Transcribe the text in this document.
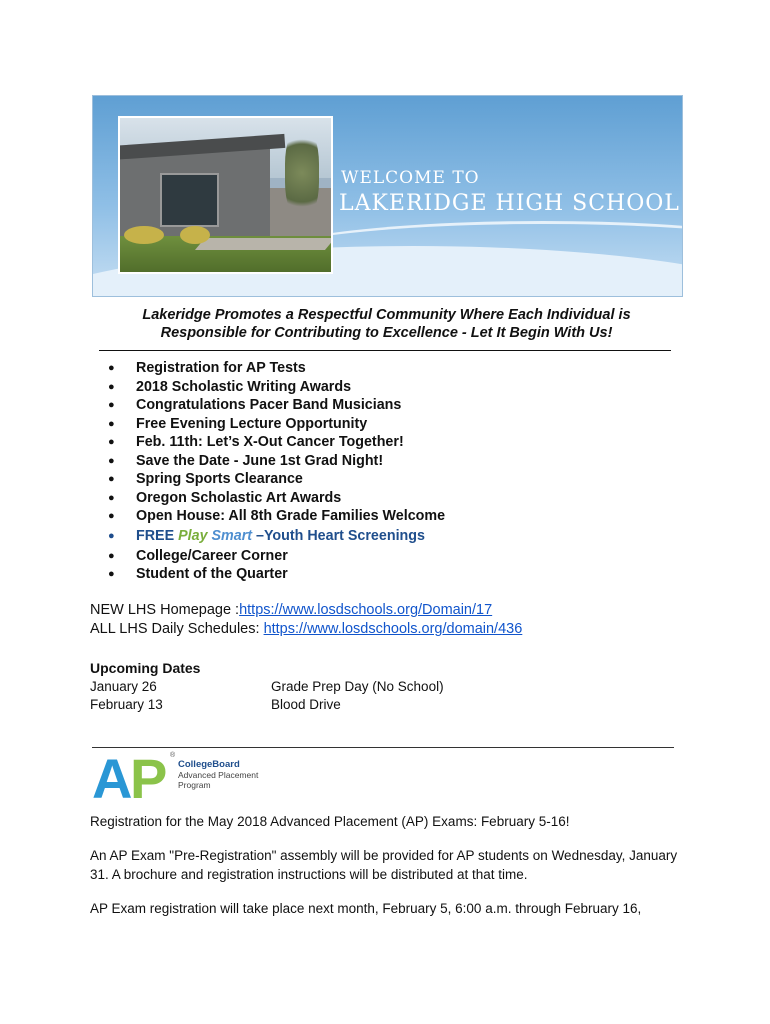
WELCOME TO
LAKERIDGE HIGH SCHOOL
Lakeridge Promotes a Respectful Community Where Each Individual is
Responsible for Contributing to Excellence - Let It Begin With Us!
● Registration for AP Tests
● 2018 Scholastic Writing Awards
● Congratulations Pacer Band Musicians
● Free Evening Lecture Opportunity
● Feb. 11th: Let’s X-Out Cancer Together!
● Save the Date - June 1st Grad Night!
● Spring Sports Clearance
● Oregon Scholastic Art Awards
● Open House: All 8th Grade Families Welcome
● FREE Play Smart –Youth Heart Screenings
● College/Career Corner
● Student of the Quarter
NEW LHS Homepage :https://www.losdschools.org/Domain/17
ALL LHS Daily Schedules: https://www.losdschools.org/domain/436
Upcoming Dates
January 26	Grade Prep Day (No School)
February 13	Blood Drive
A P ®
CollegeBoard
Advanced Placement
Program
Registration for the May 2018 Advanced Placement (AP) Exams: February 5-16!
An AP Exam "Pre-Registration" assembly will be provided for AP students on Wednesday, January 31. A brochure and registration instructions will be distributed at that time.
AP Exam registration will take place next month, February 5, 6:00 a.m. through February 16,
